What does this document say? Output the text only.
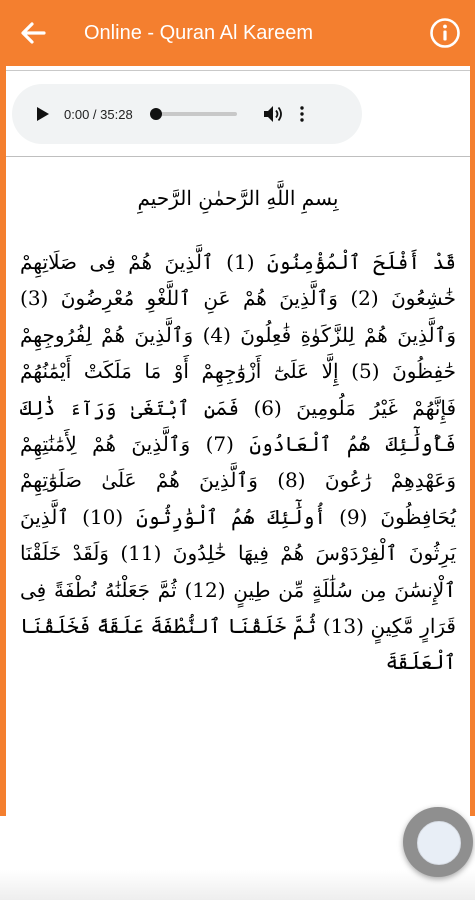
Online - Quran Al Kareem
0:00 / 35:28
بِسمِ اللَّهِ الرَّحمٰنِ الرَّحيمِ
قَدْ أَفْلَحَ ٱلْمُؤْمِنُونَ (1) ٱلَّذِينَ هُمْ فِى صَلَاتِهِمْ خَٰشِعُونَ (2) وَٱلَّذِينَ هُمْ عَنِ ٱللَّغْوِ مُعْرِضُونَ (3) وَٱلَّذِينَ هُمْ لِلزَّكَوٰةِ فَٰعِلُونَ (4) وَٱلَّذِينَ هُمْ لِفُرُوجِهِمْ حَٰفِظُونَ (5) إِلَّا عَلَىٰٓ أَزْوَٰجِهِمْ أَوْ مَا مَلَكَتْ أَيْمَٰنُهُمْ فَإِنَّهُمْ غَيْرُ مَلُومِينَ (6) فَمَنِ ٱبْتَغَىٰ وَرَآءَ ذَٰلِكَ فَأُولَٰٓئِكَ هُمُ ٱلْعَادُونَ (7) وَٱلَّذِينَ هُمْ لِأَمَٰنَٰتِهِمْ وَعَهْدِهِمْ رَٰعُونَ (8) وَٱلَّذِينَ هُمْ عَلَىٰ صَلَوَٰتِهِمْ يُحَافِظُونَ (9) أُولَٰٓئِكَ هُمُ ٱلْوَٰرِثُونَ (10) ٱلَّذِينَ يَرِثُونَ ٱلْفِرْدَوْسَ هُمْ فِيهَا خَٰلِدُونَ (11) وَلَقَدْ خَلَقْنَا ٱلْإِنسَٰنَ مِن سُلَٰلَةٍ مِّن طِينٍ (12) ثُمَّ جَعَلْنَٰهُ نُطْفَةً فِى قَرَارٍ مَّكِينٍ (13) ثُمَّ خَلَقْنَا ٱلنُّطْفَةَ عَلَقَةً فَخَلَقْنَا ٱلْعَلَقَةَ
